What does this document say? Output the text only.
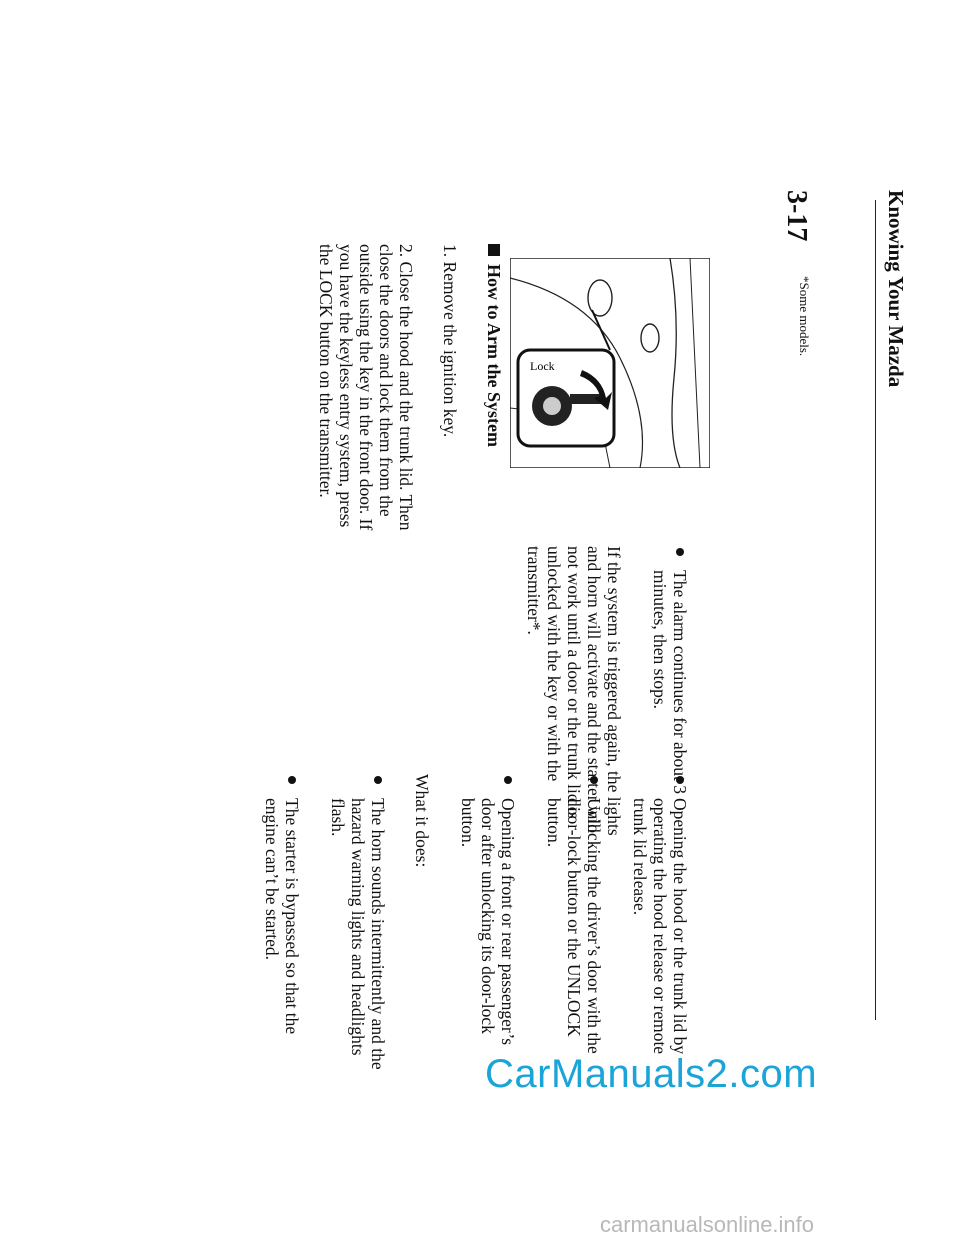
Knowing Your Mazda
3-17
*Some models.
Opening the hood or the trunk lid by operating the hood release or remote trunk lid release.
Unlocking the driver’s door with the door-lock button or the UNLOCK button.
Opening a front or rear passenger’s door after unlocking its door-lock button.

What it does:

The horn sounds intermittently and the hazard warning lights and headlights flash.
The starter is bypassed so that the engine can’t be started.
The alarm continues for about 3 minutes, then stops.

If the system is triggered again, the lights and horn will activate and the starter will not work until a door or the trunk lid is unlocked with the key or with the transmitter*.

How to Arm the System

1. Remove the ignition key.

2. Close the hood and the trunk lid. Then close the doors and lock them from the outside using the key in the front door. If you have the keyless entry system, press the LOCK button on the transmitter.	Lock
CarManuals2.com
carmanualsonline.info
